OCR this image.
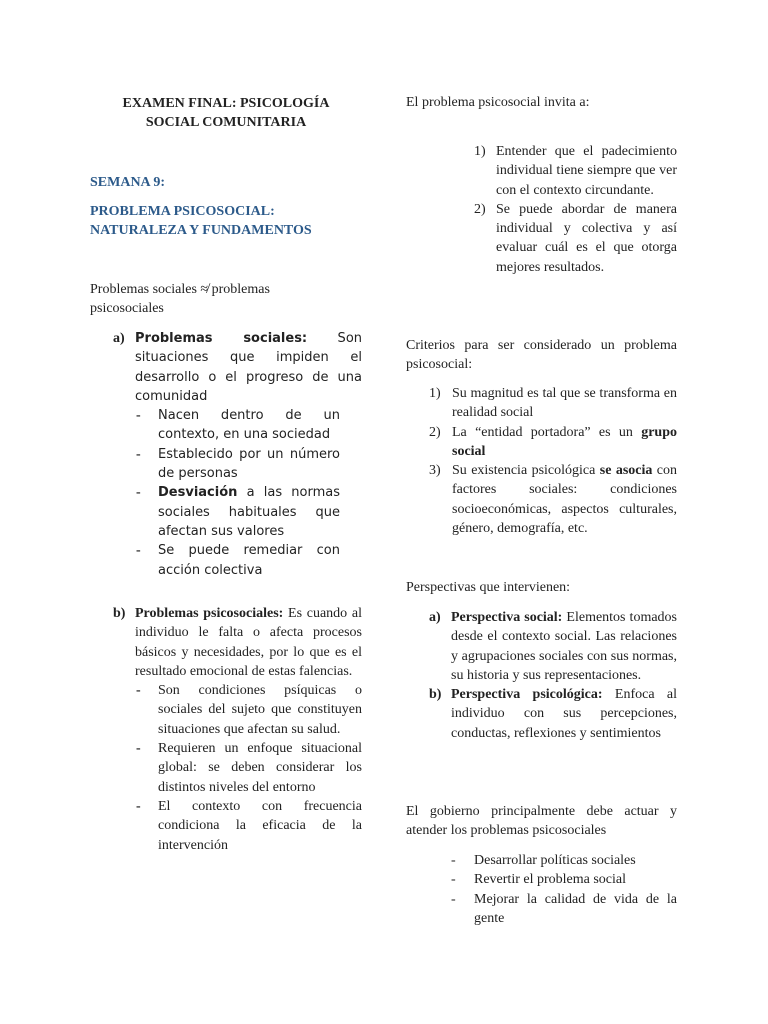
EXAMEN FINAL: PSICOLOGÍA
SOCIAL COMUNITARIA
SEMANA 9:
PROBLEMA PSICOSOCIAL:
NATURALEZA Y FUNDAMENTOS
Problemas sociales ≉ problemas psicosociales
a) Problemas sociales: Son situaciones que impiden el desarrollo o el progreso de una comunidad
- Nacen dentro de un contexto, en una sociedad
- Establecido por un número de personas
- Desviación a las normas sociales habituales que afectan sus valores
- Se puede remediar con acción colectiva
b) Problemas psicosociales: Es cuando al individuo le falta o afecta procesos básicos y necesidades, por lo que es el resultado emocional de estas falencias.
- Son condiciones psíquicas o sociales del sujeto que constituyen situaciones que afectan su salud.
- Requieren un enfoque situacional global: se deben considerar los distintos niveles del entorno
- El contexto con frecuencia condiciona la eficacia de la intervención
El problema psicosocial invita a:
1) Entender que el padecimiento individual tiene siempre que ver con el contexto circundante.
2) Se puede abordar de manera individual y colectiva y así evaluar cuál es el que otorga mejores resultados.
Criterios para ser considerado un problema psicosocial:
1) Su magnitud es tal que se transforma en realidad social
2) La “entidad portadora” es un grupo social
3) Su existencia psicológica se asocia con factores sociales: condiciones socioeconómicas, aspectos culturales, género, demografía, etc.
Perspectivas que intervienen:
a) Perspectiva social: Elementos tomados desde el contexto social. Las relaciones y agrupaciones sociales con sus normas, su historia y sus representaciones.
b) Perspectiva psicológica: Enfoca al individuo con sus percepciones, conductas, reflexiones y sentimientos
El gobierno principalmente debe actuar y atender los problemas psicosociales
- Desarrollar políticas sociales
- Revertir el problema social
- Mejorar la calidad de vida de la gente
